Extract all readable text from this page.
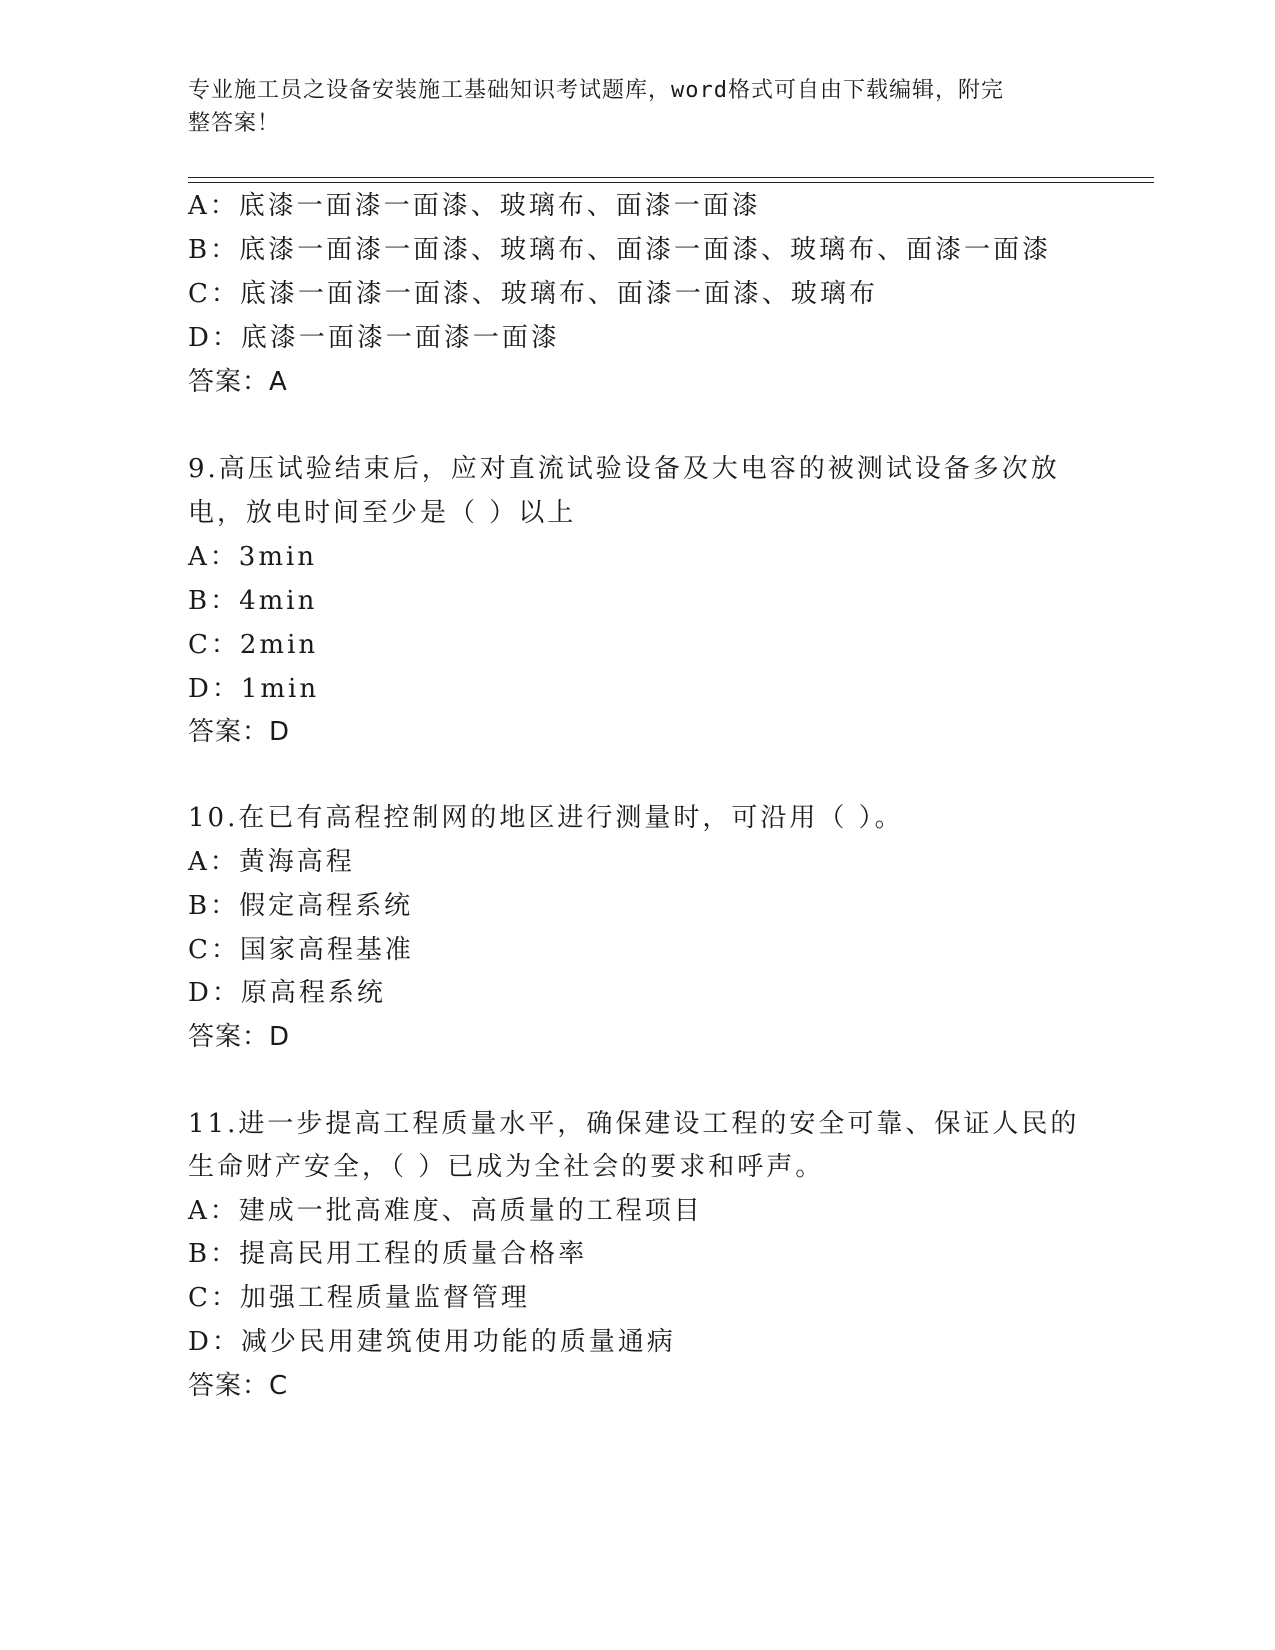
专业施工员之设备安装施工基础知识考试题库，word格式可自由下载编辑，附完
整答案！
A：底漆一面漆一面漆、玻璃布、面漆一面漆
B：底漆一面漆一面漆、玻璃布、面漆一面漆、玻璃布、面漆一面漆
C：底漆一面漆一面漆、玻璃布、面漆一面漆、玻璃布
D：底漆一面漆一面漆一面漆
答案：A
9.高压试验结束后，应对直流试验设备及大电容的被测试设备多次放
电，放电时间至少是（ ）以上
A：3min
B：4min
C：2min
D：1min
答案：D
10.在已有高程控制网的地区进行测量时，可沿用（ ）。
A：黄海高程
B：假定高程系统
C：国家高程基准
D：原高程系统
答案：D
11.进一步提高工程质量水平，确保建设工程的安全可靠、保证人民的
生命财产安全，（ ）已成为全社会的要求和呼声。
A：建成一批高难度、高质量的工程项目
B：提高民用工程的质量合格率
C：加强工程质量监督管理
D：减少民用建筑使用功能的质量通病
答案：C
